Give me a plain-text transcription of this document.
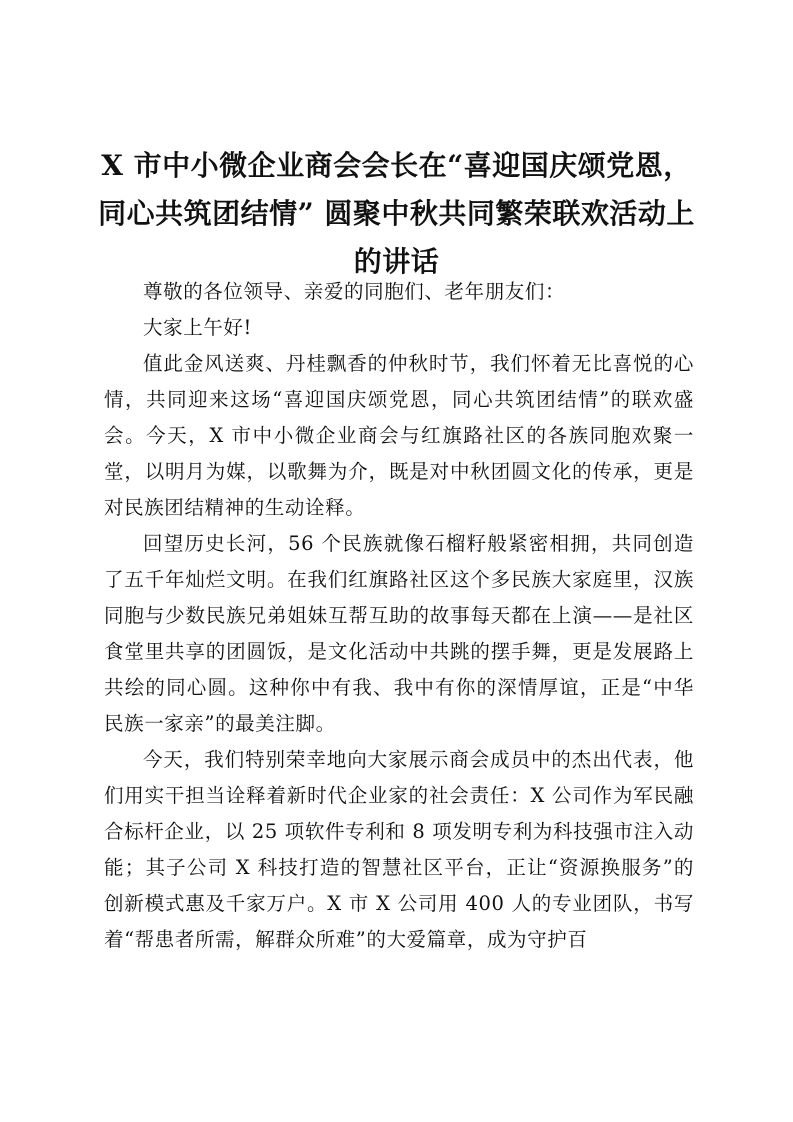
X 市中小微企业商会会长在“喜迎国庆颂党恩，同心共筑团结情” 圆聚中秋共同繁荣联欢活动上的讲话

尊敬的各位领导、亲爱的同胞们、老年朋友们：

大家上午好!

值此金风送爽、丹桂飘香的仲秋时节，我们怀着无比喜悦的心情，共同迎来这场“喜迎国庆颂党恩，同心共筑团结情”的联欢盛会。今天，X 市中小微企业商会与红旗路社区的各族同胞欢聚一堂，以明月为媒，以歌舞为介，既是对中秋团圆文化的传承，更是对民族团结精神的生动诠释。

回望历史长河，56 个民族就像石榴籽般紧密相拥，共同创造了五千年灿烂文明。在我们红旗路社区这个多民族大家庭里，汉族同胞与少数民族兄弟姐妹互帮互助的故事每天都在上演——是社区食堂里共享的团圆饭，是文化活动中共跳的摆手舞，更是发展路上共绘的同心圆。这种你中有我、我中有你的深情厚谊，正是“中华民族一家亲”的最美注脚。

今天，我们特别荣幸地向大家展示商会成员中的杰出代表，他们用实干担当诠释着新时代企业家的社会责任：X 公司作为军民融合标杆企业，以 25 项软件专利和 8 项发明专利为科技强市注入动能；其子公司 X 科技打造的智慧社区平台，正让“资源换服务”的创新模式惠及千家万户。X 市 X 公司用 400 人的专业团队，书写着“帮患者所需，解群众所难”的大爱篇章，成为守护百
